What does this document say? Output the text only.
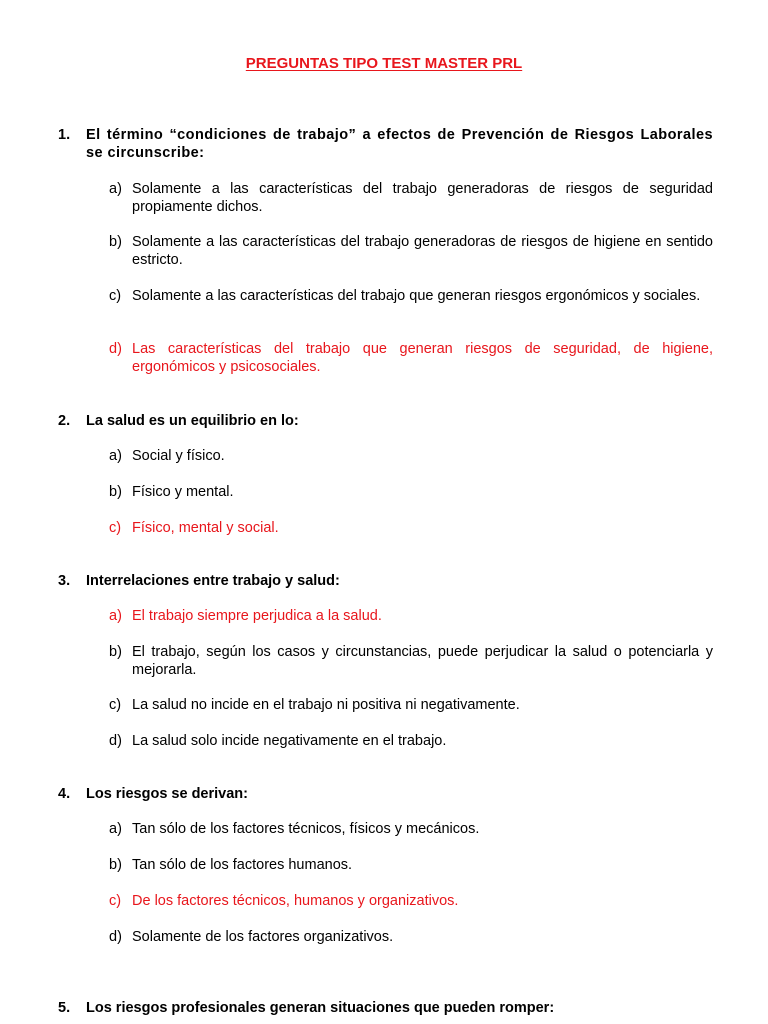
PREGUNTAS TIPO TEST MASTER PRL
1. El término “condiciones de trabajo” a efectos de Prevención de Riesgos Laborales se circunscribe:
a) Solamente a las características del trabajo generadoras de riesgos de seguridad propiamente dichos.
b) Solamente a las características del trabajo generadoras de riesgos de higiene en sentido estricto.
c) Solamente a las características del trabajo que generan riesgos ergonómicos y sociales.
d) Las características del trabajo que generan riesgos de seguridad, de higiene, ergonómicos y psicosociales.
2. La salud es un equilibrio en lo:
a) Social y físico.
b) Físico y mental.
c) Físico, mental y social.
3. Interrelaciones entre trabajo y salud:
a) El trabajo siempre perjudica a la salud.
b) El trabajo, según los casos y circunstancias, puede perjudicar la salud o potenciarla y mejorarla.
c) La salud no incide en el trabajo ni positiva ni negativamente.
d) La salud solo incide negativamente en el trabajo.
4. Los riesgos se derivan:
a) Tan sólo de los factores técnicos, físicos y mecánicos.
b) Tan sólo de los factores humanos.
c) De los factores técnicos, humanos y organizativos.
d) Solamente de los factores organizativos.
5. Los riesgos profesionales generan situaciones que pueden romper:
